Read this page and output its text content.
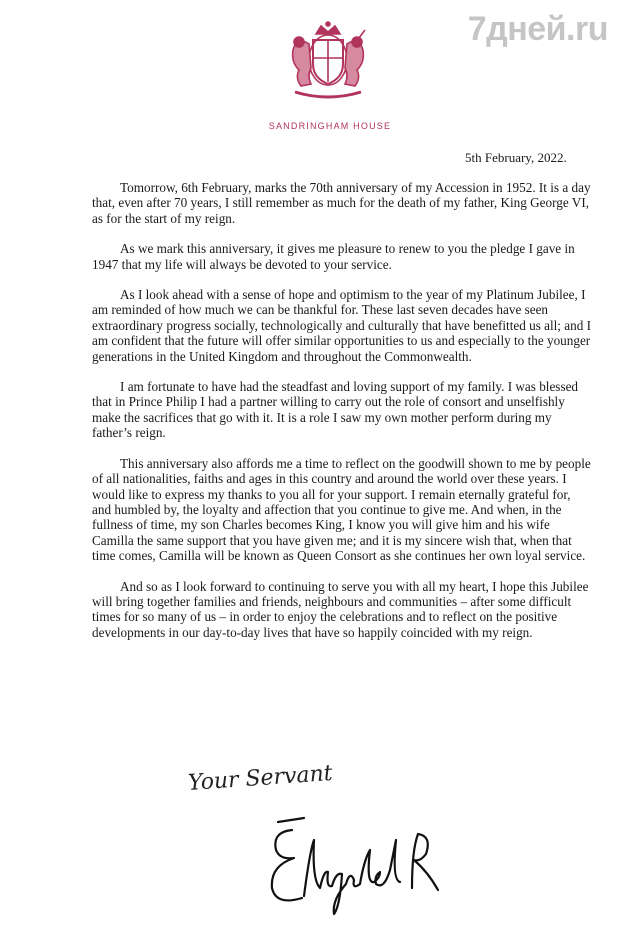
7дней.ru
SANDRINGHAM HOUSE
5th February, 2022.

Tomorrow, 6th February, marks the 70th anniversary of my Accession in 1952. It is a day that, even after 70 years, I still remember as much for the death of my father, King George VI, as for the start of my reign.

As we mark this anniversary, it gives me pleasure to renew to you the pledge I gave in 1947 that my life will always be devoted to your service.

As I look ahead with a sense of hope and optimism to the year of my Platinum Jubilee, I am reminded of how much we can be thankful for. These last seven decades have seen extraordinary progress socially, technologically and culturally that have benefitted us all; and I am confident that the future will offer similar opportunities to us and especially to the younger generations in the United Kingdom and throughout the Commonwealth.

I am fortunate to have had the steadfast and loving support of my family. I was blessed that in Prince Philip I had a partner willing to carry out the role of consort and unselfishly make the sacrifices that go with it. It is a role I saw my own mother perform during my father’s reign.

This anniversary also affords me a time to reflect on the goodwill shown to me by people of all nationalities, faiths and ages in this country and around the world over these years. I would like to express my thanks to you all for your support. I remain eternally grateful for, and humbled by, the loyalty and affection that you continue to give me. And when, in the fullness of time, my son Charles becomes King, I know you will give him and his wife Camilla the same support that you have given me; and it is my sincere wish that, when that time comes, Camilla will be known as Queen Consort as she continues her own loyal service.

And so as I look forward to continuing to serve you with all my heart, I hope this Jubilee will bring together families and friends, neighbours and communities – after some difficult times for so many of us – in order to enjoy the celebrations and to reflect on the positive developments in our day-to-day lives that have so happily coincided with my reign.

Your Servant
